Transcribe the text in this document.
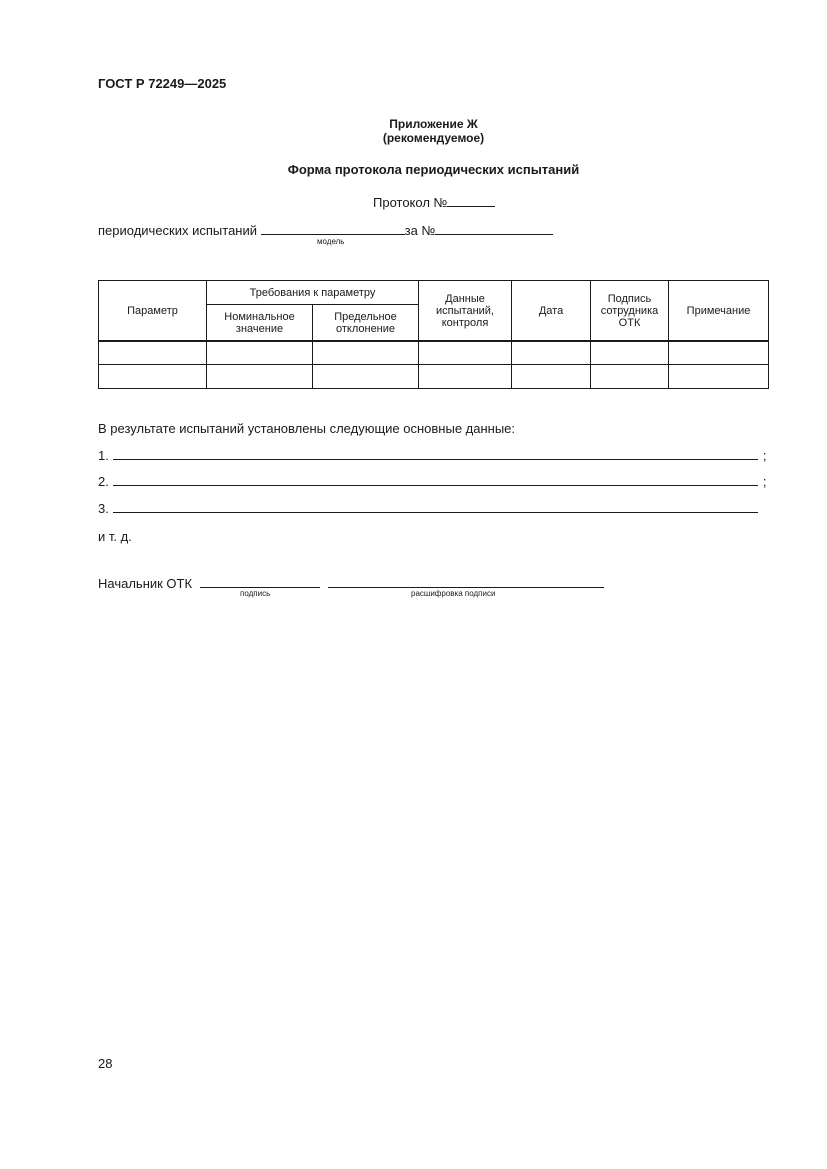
ГОСТ Р 72249—2025
Приложение Ж
(рекомендуемое)
Форма протокола периодических испытаний
Протокол №
периодических испытаний	за №
модель
Параметр	Требования к параметру		Данные испытаний, контроля	Дата	Подпись сотрудника ОТК	Примечание
	Номинальное значение	Предельное отклонение				

В результате испытаний установлены следующие основные данные:
1.	;
2.	;
3.
и т. д.
Начальник ОТК
подпись	расшифровка подписи
28
